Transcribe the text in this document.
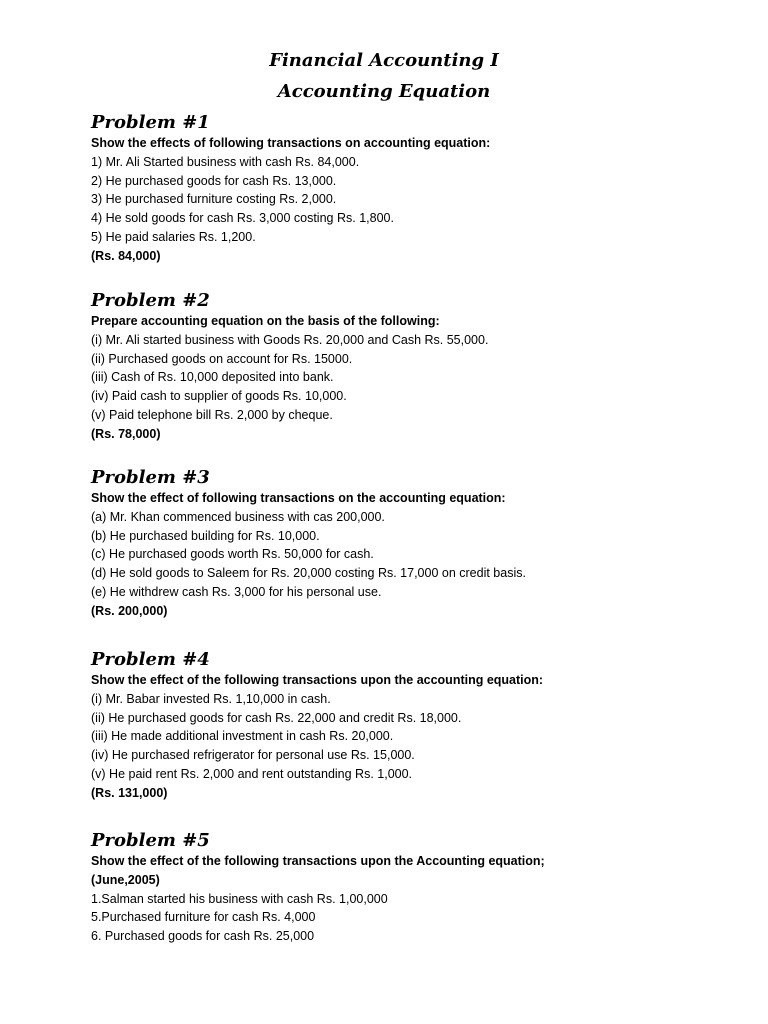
Financial Accounting I
Accounting Equation
Problem #1
Show the effects of following transactions on accounting equation:
1) Mr. Ali Started business with cash Rs. 84,000.
2) He purchased goods for cash Rs. 13,000.
3) He purchased furniture costing Rs. 2,000.
4) He sold goods for cash Rs. 3,000 costing Rs. 1,800.
5) He paid salaries Rs. 1,200.
(Rs. 84,000)
Problem #2
Prepare accounting equation on the basis of the following:
(i) Mr. Ali started business with Goods Rs. 20,000 and Cash Rs. 55,000.
(ii) Purchased goods on account for Rs. 15000.
(iii) Cash of Rs. 10,000 deposited into bank.
(iv) Paid cash to supplier of goods Rs. 10,000.
(v) Paid telephone bill Rs. 2,000 by cheque.
(Rs. 78,000)
Problem #3
Show the effect of following transactions on the accounting equation:
(a) Mr. Khan commenced business with cas 200,000.
(b) He purchased building for Rs. 10,000.
(c) He purchased goods worth Rs. 50,000 for cash.
(d) He sold goods to Saleem for Rs. 20,000 costing Rs. 17,000 on credit basis.
(e) He withdrew cash Rs. 3,000 for his personal use.
(Rs. 200,000)
Problem #4
Show the effect of the following transactions upon the accounting equation:
(i) Mr. Babar invested Rs. 1,10,000 in cash.
(ii) He purchased goods for cash Rs. 22,000 and credit Rs. 18,000.
(iii) He made additional investment in cash Rs. 20,000.
(iv) He purchased refrigerator for personal use Rs. 15,000.
(v) He paid rent Rs. 2,000 and rent outstanding Rs. 1,000.
(Rs. 131,000)
Problem #5
Show the effect of the following transactions upon the Accounting equation;
(June,2005)
1.Salman started his business with cash Rs. 1,00,000
5.Purchased furniture for cash Rs. 4,000
6. Purchased goods for cash Rs. 25,000
